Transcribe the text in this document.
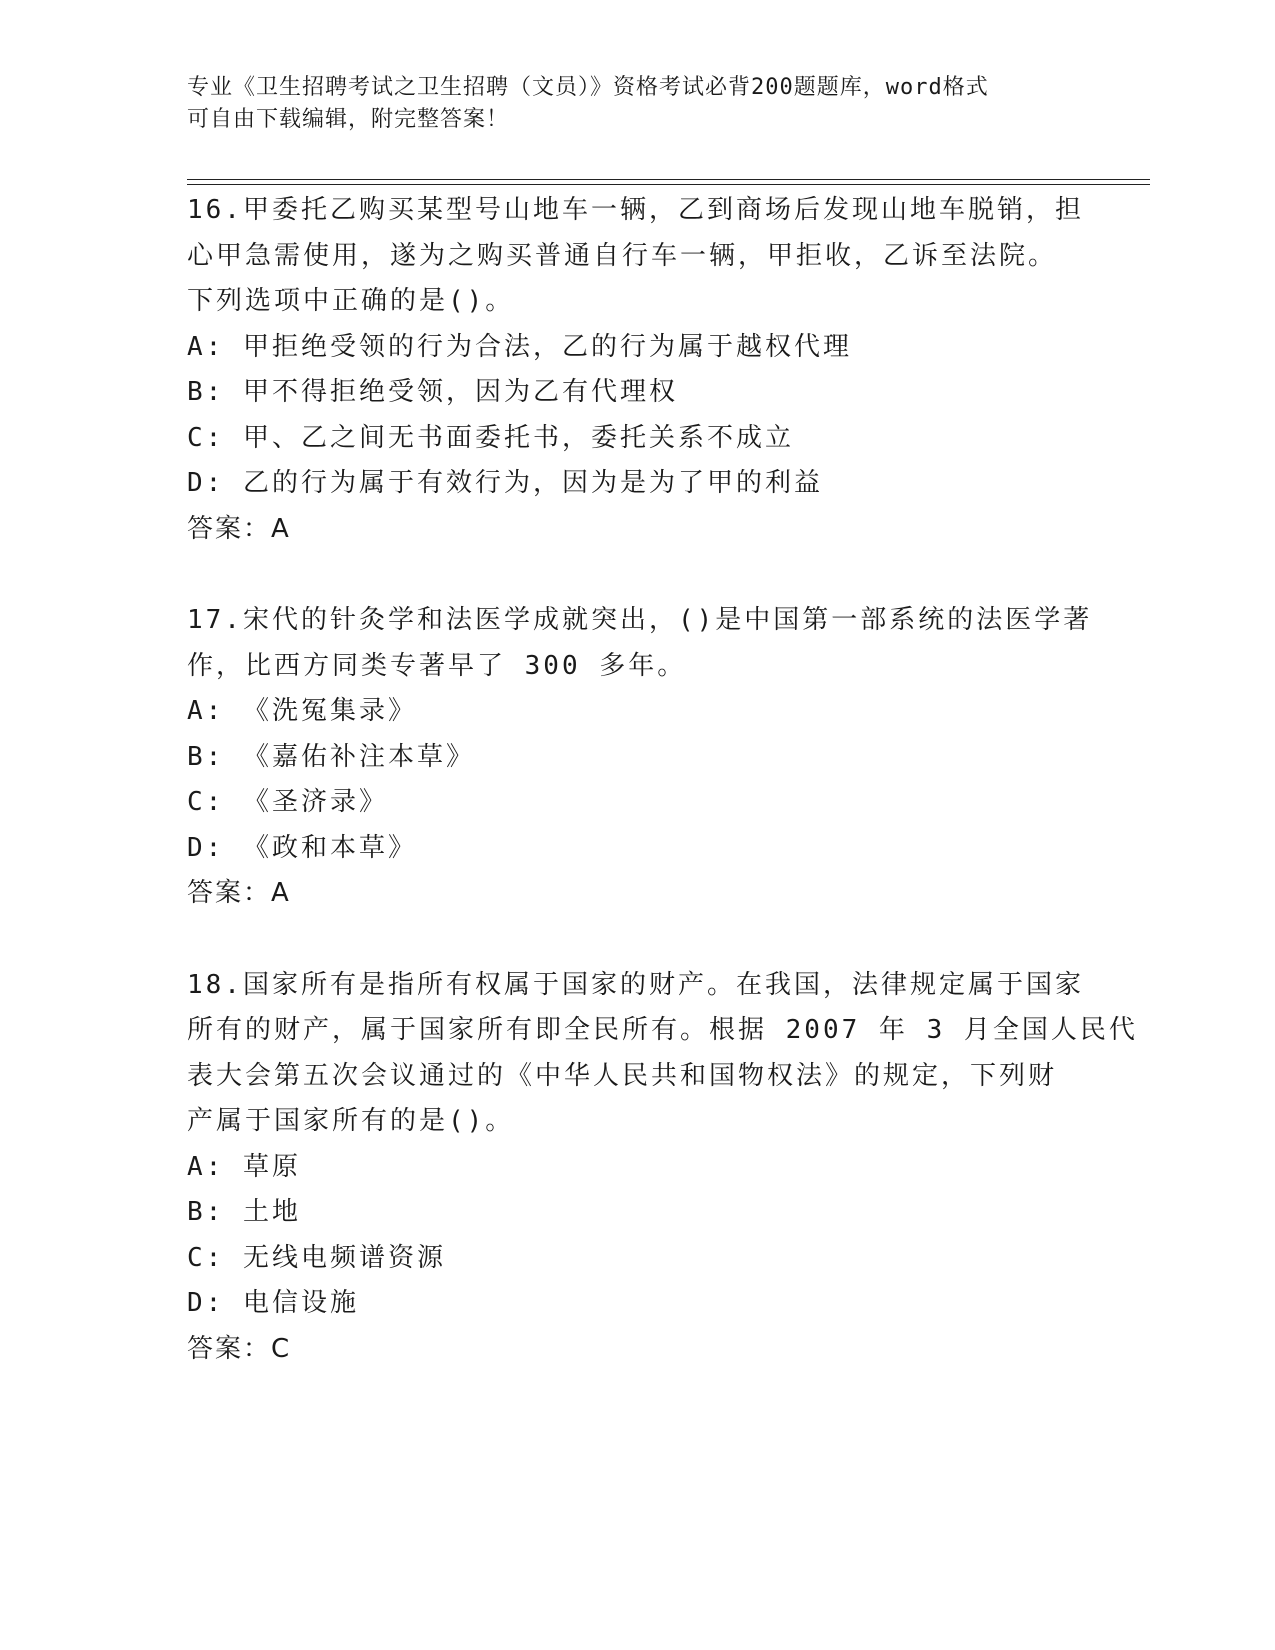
专业《卫生招聘考试之卫生招聘（文员）》资格考试必背200题题库，word格式
可自由下载编辑，附完整答案！
16.甲委托乙购买某型号山地车一辆，乙到商场后发现山地车脱销，担
心甲急需使用，遂为之购买普通自行车一辆，甲拒收，乙诉至法院。
下列选项中正确的是()。
A: 甲拒绝受领的行为合法，乙的行为属于越权代理
B: 甲不得拒绝受领，因为乙有代理权
C: 甲、乙之间无书面委托书，委托关系不成立
D: 乙的行为属于有效行为，因为是为了甲的利益
答案：A
17.宋代的针灸学和法医学成就突出，()是中国第一部系统的法医学著
作，比西方同类专著早了 300 多年。
A: 《洗冤集录》
B: 《嘉佑补注本草》
C: 《圣济录》
D: 《政和本草》
答案：A
18.国家所有是指所有权属于国家的财产。在我国，法律规定属于国家
所有的财产，属于国家所有即全民所有。根据 2007 年 3 月全国人民代
表大会第五次会议通过的《中华人民共和国物权法》的规定，下列财
产属于国家所有的是()。
A: 草原
B: 土地
C: 无线电频谱资源
D: 电信设施
答案：C
